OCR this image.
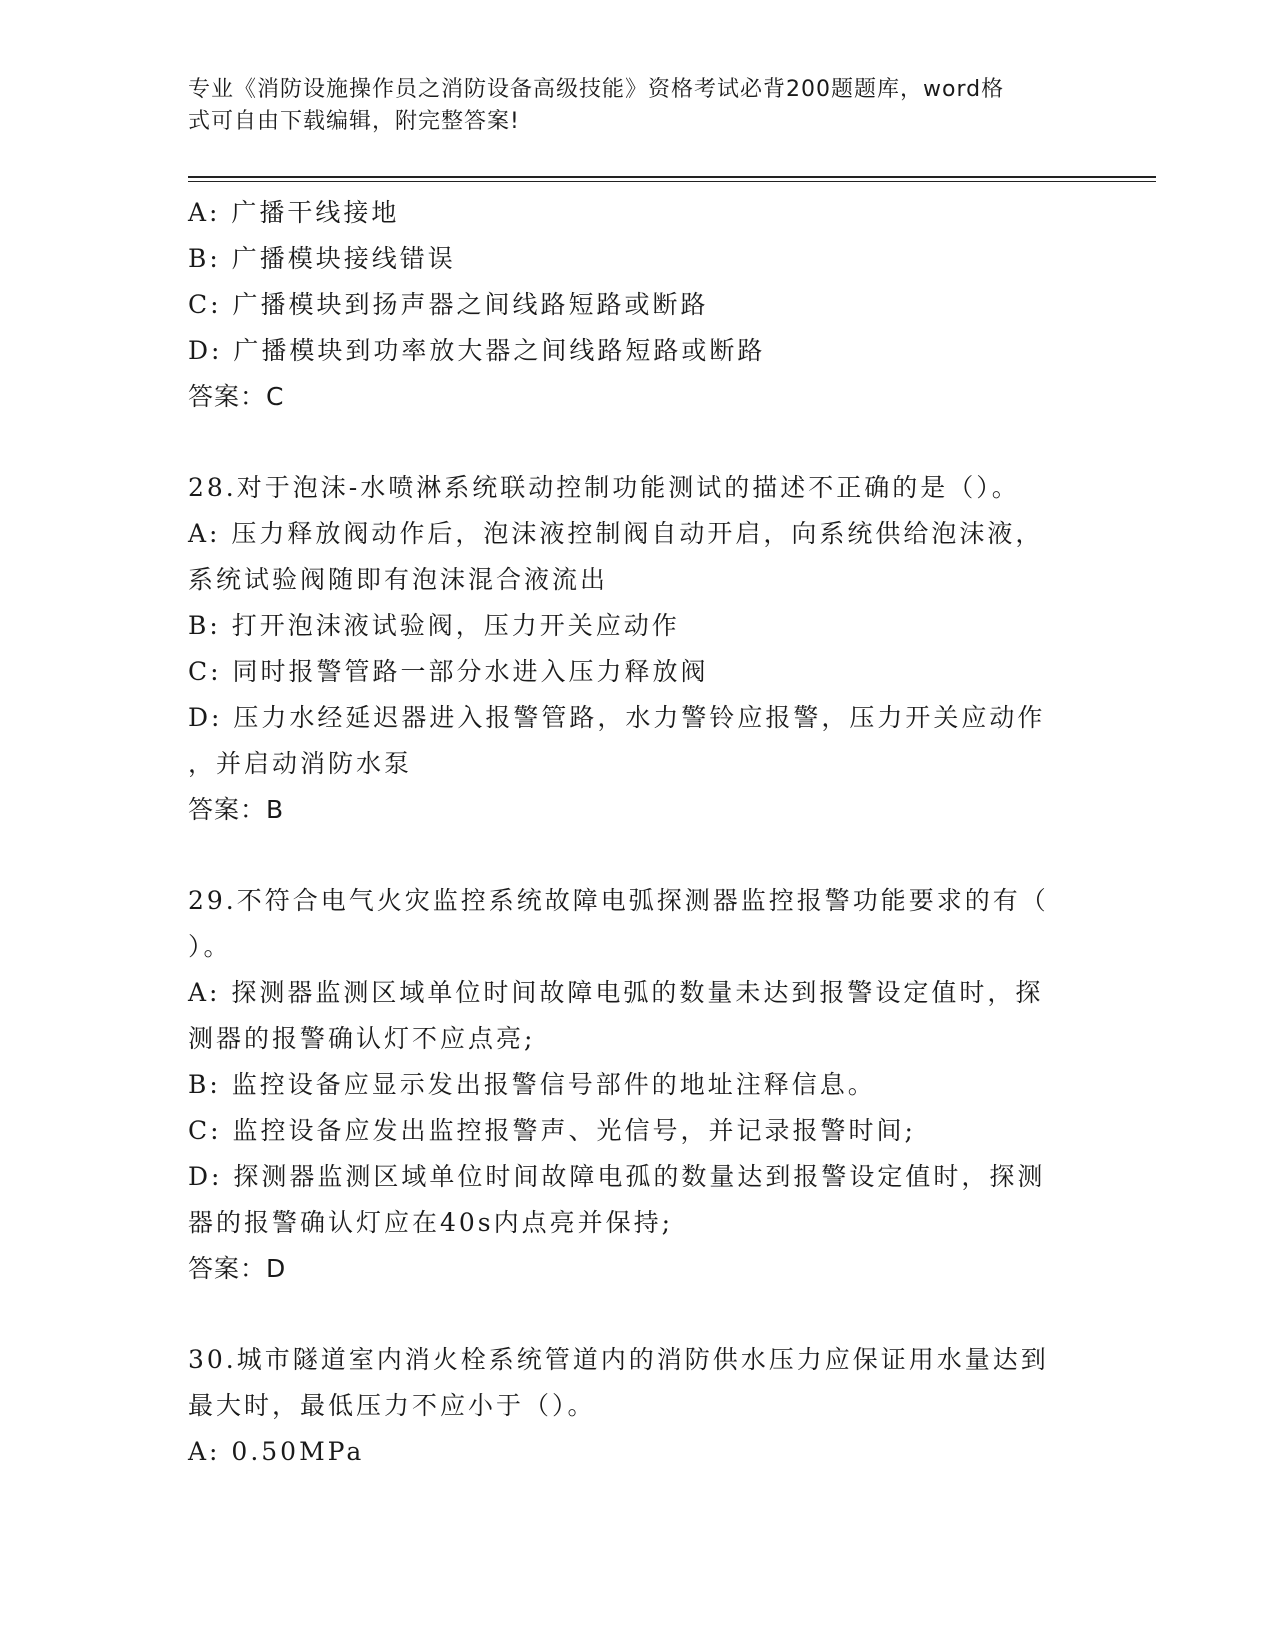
专业《消防设施操作员之消防设备高级技能》资格考试必背200题题库，word格
式可自由下载编辑，附完整答案!
A: 广播干线接地
B: 广播模块接线错误
C: 广播模块到扬声器之间线路短路或断路
D: 广播模块到功率放大器之间线路短路或断路
答案：C
28.对于泡沫-水喷淋系统联动控制功能测试的描述不正确的是（）。
A: 压力释放阀动作后，泡沫液控制阀自动开启，向系统供给泡沫液，
系统试验阀随即有泡沫混合液流出
B: 打开泡沫液试验阀，压力开关应动作
C: 同时报警管路一部分水进入压力释放阀
D: 压力水经延迟器进入报警管路，水力警铃应报警，压力开关应动作
，并启动消防水泵
答案：B
29.不符合电气火灾监控系统故障电弧探测器监控报警功能要求的有（
）。
A: 探测器监测区域单位时间故障电弧的数量未达到报警设定值时，探
测器的报警确认灯不应点亮;
B: 监控设备应显示发出报警信号部件的地址注释信息。
C: 监控设备应发出监控报警声、光信号，并记录报警时间;
D: 探测器监测区域单位时间故障电孤的数量达到报警设定值时，探测
器的报警确认灯应在40s内点亮并保持;
答案：D
30.城市隧道室内消火栓系统管道内的消防供水压力应保证用水量达到
最大时，最低压力不应小于（）。
A: 0.50MPa
